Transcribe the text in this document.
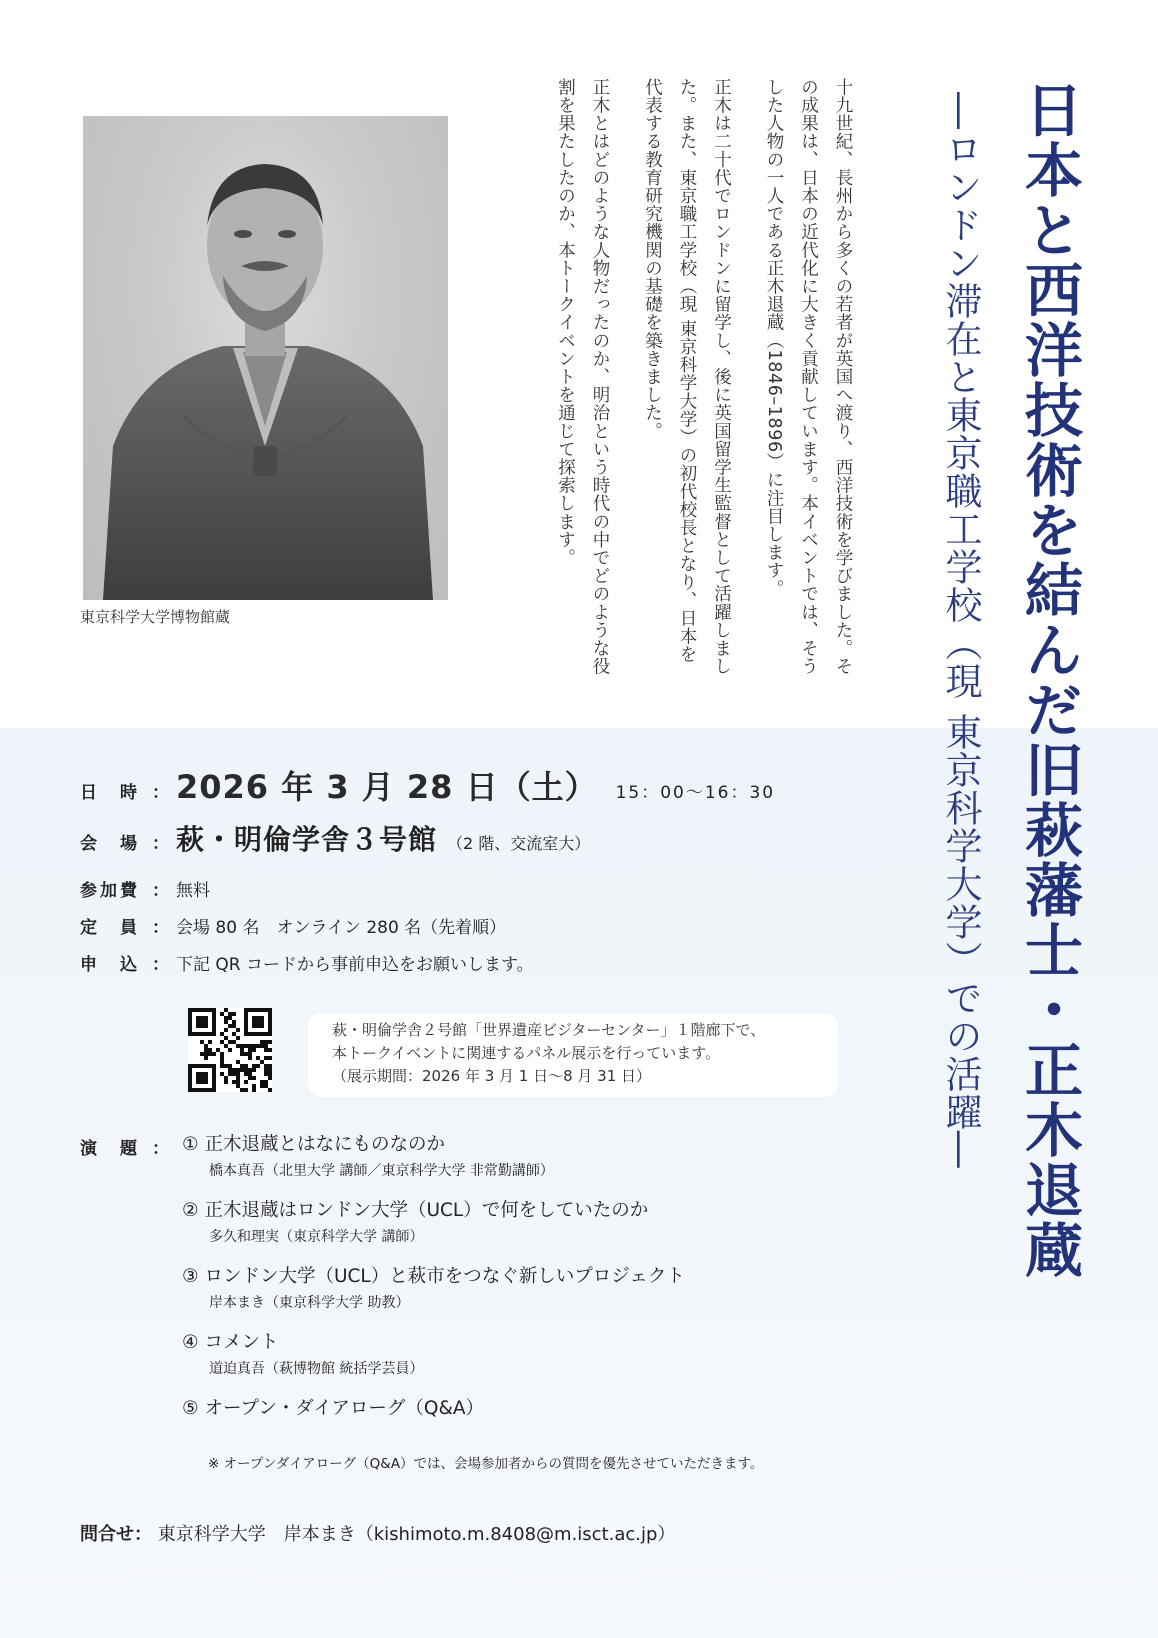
日本と西洋技術を結んだ旧萩藩士・正木退蔵
―ロンドン滞在と東京職工学校（現 東京科学大学）での活躍―

十九世紀、長州から多くの若者が英国へ渡り、西洋技術を学びました。その成果は、日本の近代化に大きく貢献しています。本イベントでは、そうした人物の一人である正木退蔵（1846–1896）に注目します。

正木は二十代でロンドンに留学し、後に英国留学生監督として活躍しました。また、東京職工学校（現 東京科学大学）の初代校長となり、日本を代表する教育研究機関の基礎を築きました。

正木とはどのような人物だったのか、明治という時代の中でどのような役割を果たしたのか、本トークイベントを通じて探索します。

東京科学大学博物館蔵
日　時 ： 2026 年 3 月 28 日（土） 15：00～16：30
会　場 ： 萩・明倫学舎３号館 （2 階、交流室大）
参加費 ： 無料
定　員 ： 会場 80 名　オンライン 280 名（先着順）
申　込 ： 下記 QR コードから事前申込をお願いします。
萩・明倫学舎２号館「世界遺産ビジターセンター」１階廊下で、
本トークイベントに関連するパネル展示を行っています。
（展示期間：2026 年 3 月 1 日～8 月 31 日）
演　題 ： ① 正木退蔵とはなにものなのか
橋本真吾（北里大学 講師／東京科学大学 非常勤講師）
② 正木退蔵はロンドン大学（UCL）で何をしていたのか
多久和理実（東京科学大学 講師）
③ ロンドン大学（UCL）と萩市をつなぐ新しいプロジェクト
岸本まき（東京科学大学 助教）
④ コメント
道迫真吾（萩博物館 統括学芸員）
⑤ オープン・ダイアローグ（Q&A）
※ オープンダイアローグ（Q&A）では、会場参加者からの質問を優先させていただきます。
問合せ： 東京科学大学　岸本まき（kishimoto.m.8408@m.isct.ac.jp）
